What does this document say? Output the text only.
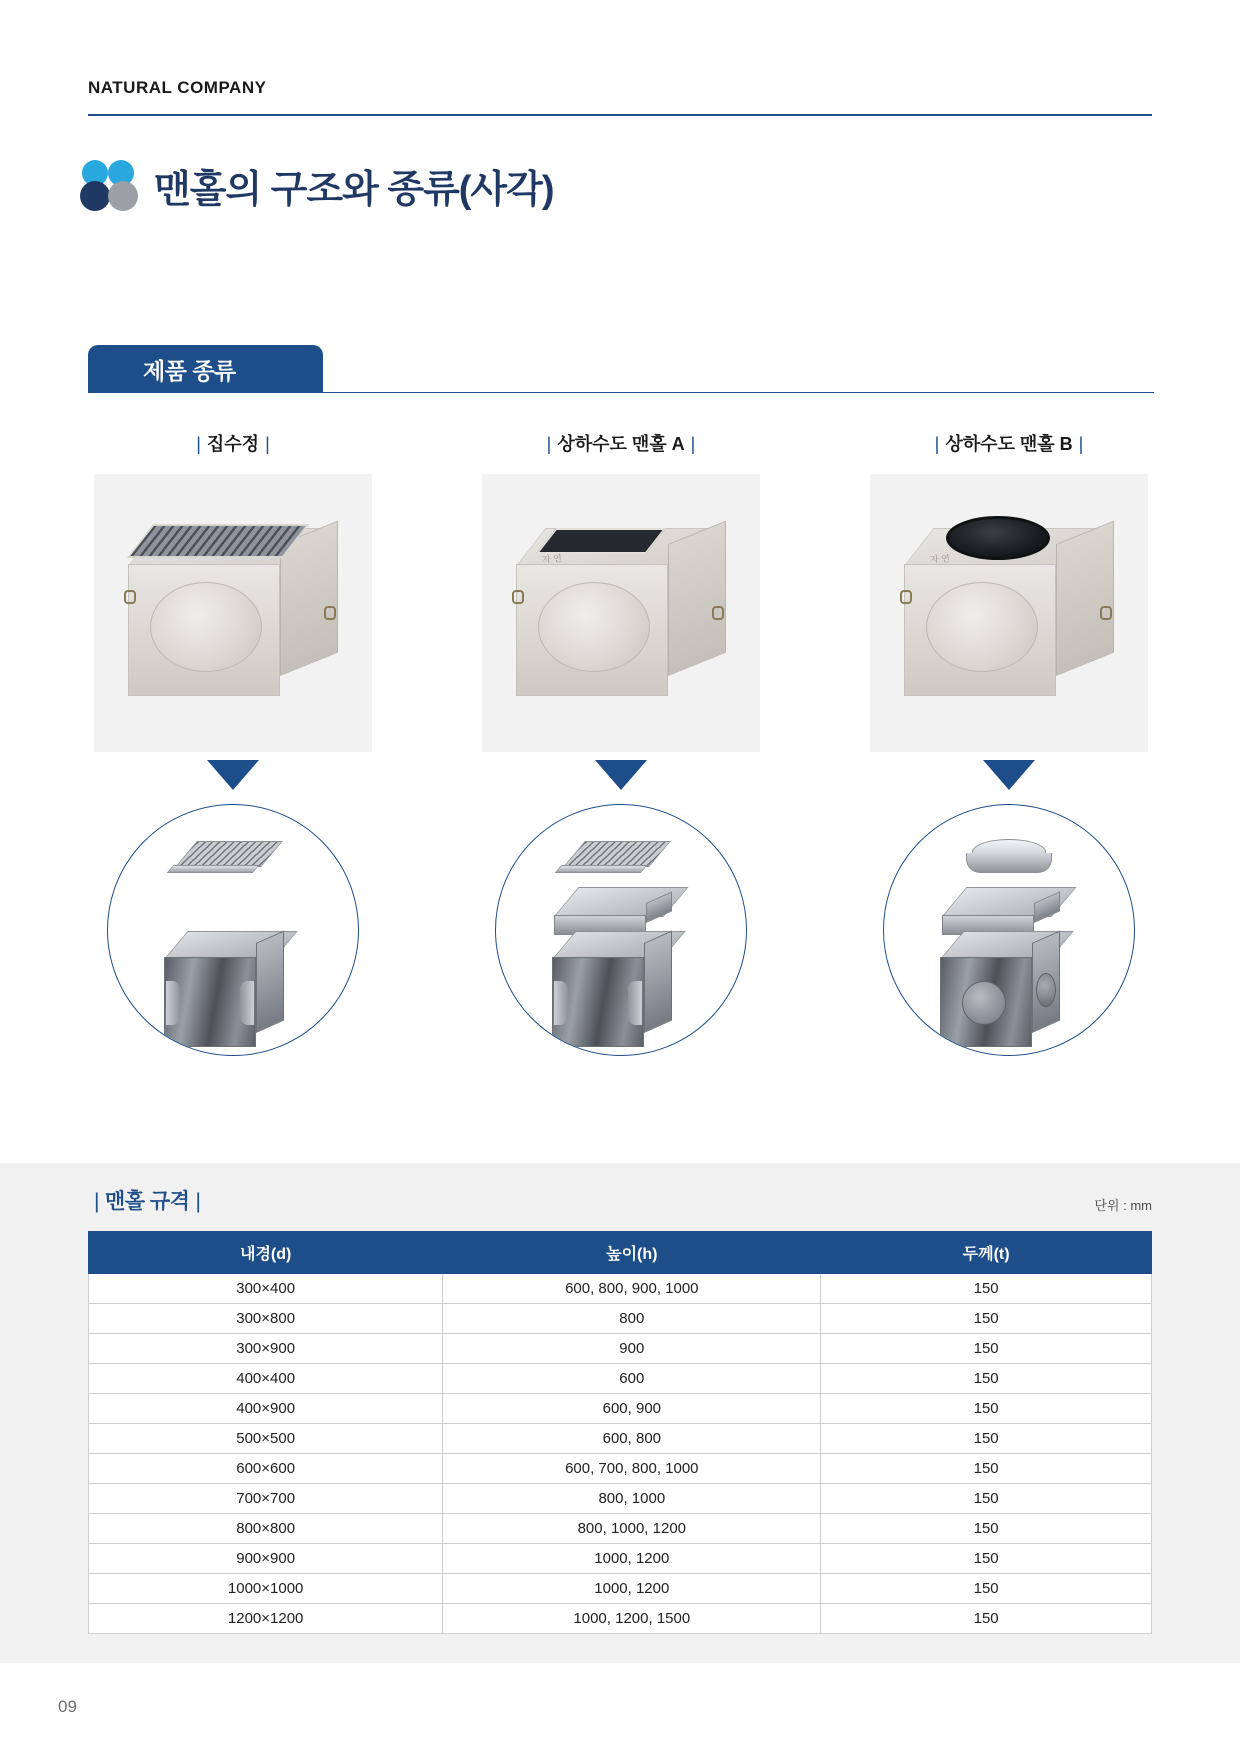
NATURAL COMPANY
맨홀의 구조와 종류(사각)
제품 종류
| 집수정 |	| 상하수도 맨홀 A |
자 연
| 상하수도 맨홀 B |
자 연
| 맨홀 규격 |	단위 : mm
내경(d)	높이(h)	두께(t)
300×400	600, 800, 900, 1000	150
300×800	800	150
300×900	900	150
400×400	600	150
400×900	600, 900	150
500×500	600, 800	150
600×600	600, 700, 800, 1000	150
700×700	800, 1000	150
800×800	800, 1000, 1200	150
900×900	1000, 1200	150
1000×1000	1000, 1200	150
1200×1200	1000, 1200, 1500	150
09
